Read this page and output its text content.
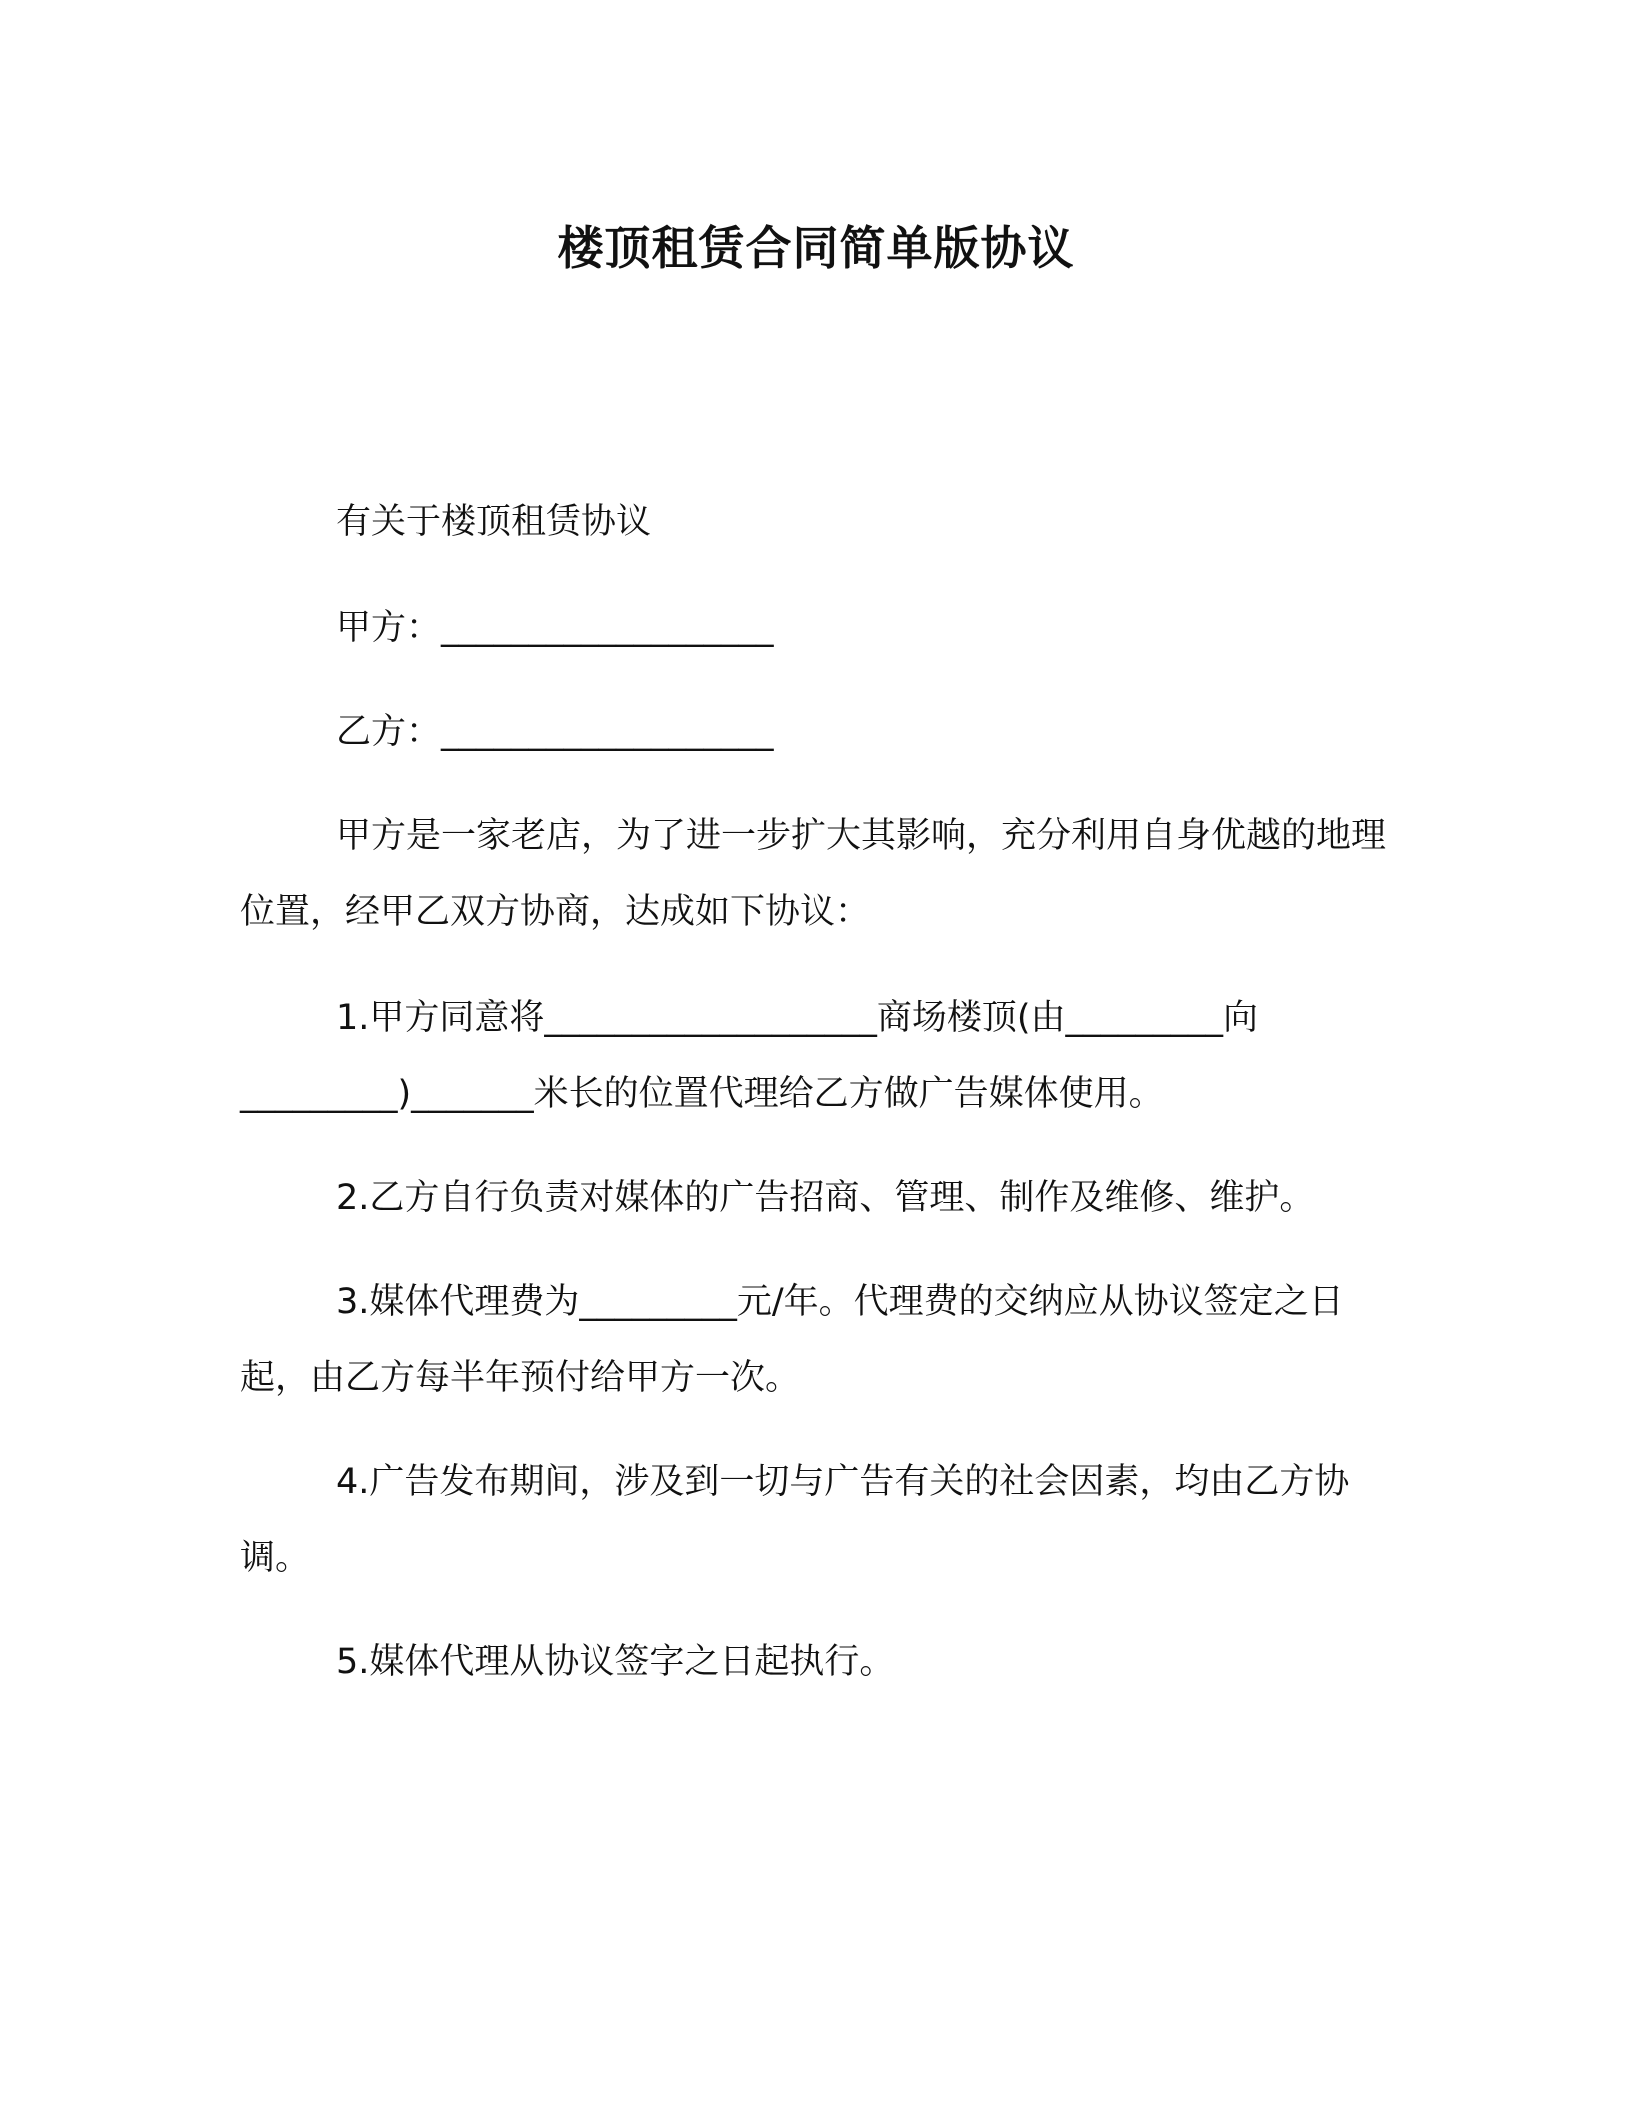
楼顶租赁合同简单版协议
有关于楼顶租赁协议
甲方：___________________
乙方：___________________
甲方是一家老店，为了进一步扩大其影响，充分利用自身优越的地理位置，经甲乙双方协商，达成如下协议：
1.甲方同意将___________________商场楼顶(由_________向_________)_______米长的位置代理给乙方做广告媒体使用。
2.乙方自行负责对媒体的广告招商、管理、制作及维修、维护。
3.媒体代理费为_________元/年。代理费的交纳应从协议签定之日起，由乙方每半年预付给甲方一次。
4.广告发布期间，涉及到一切与广告有关的社会因素，均由乙方协调。
5.媒体代理从协议签字之日起执行。
